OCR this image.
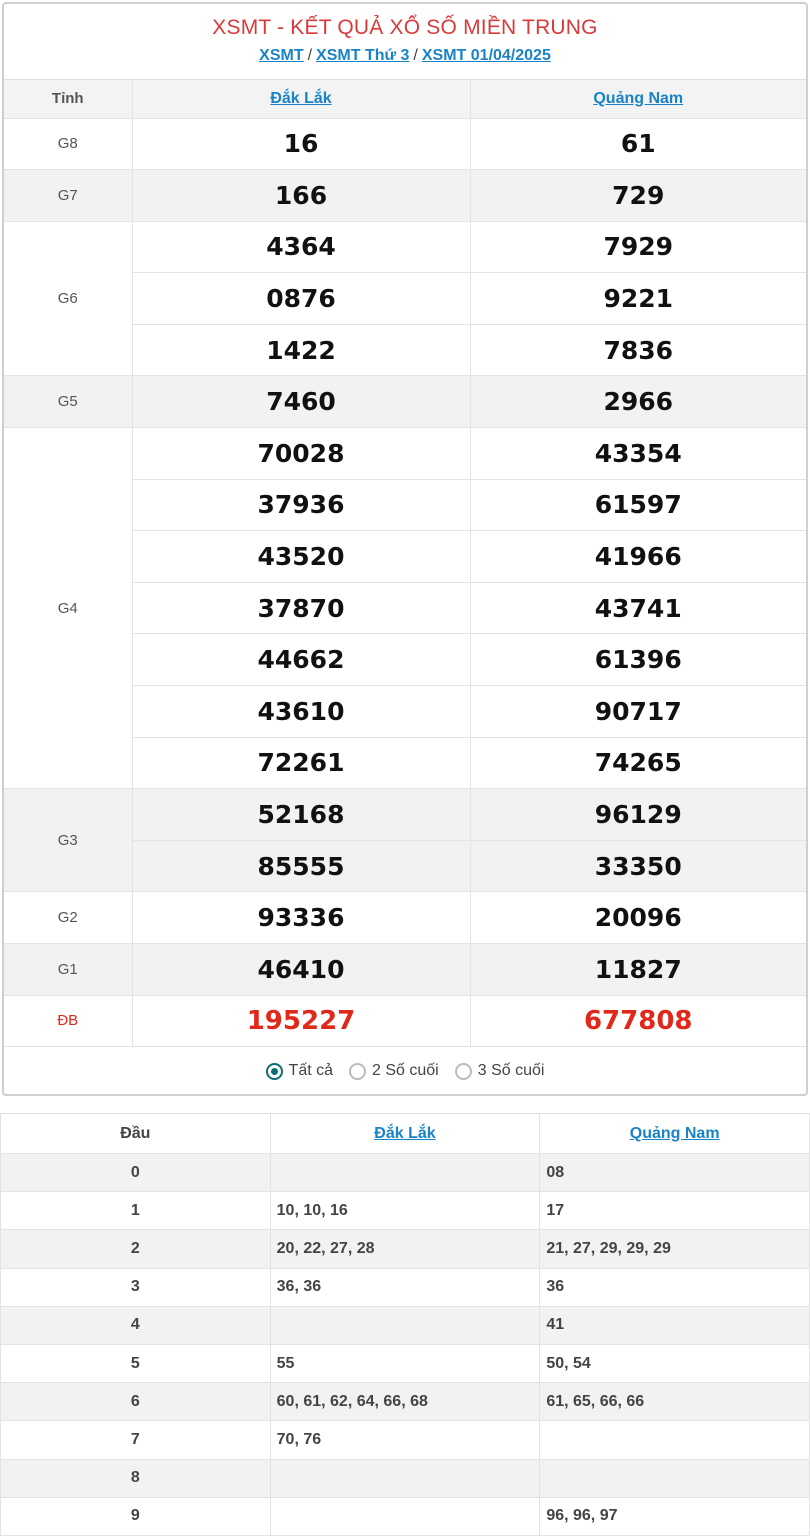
XSMT - KẾT QUẢ XỔ SỐ MIỀN TRUNG
XSMT / XSMT Thứ 3 / XSMT 01/04/2025
Tỉnh	Đắk Lắk	Quảng Nam
G8	16	61
G7	166	729
G6	4364	7929
	0876	9221
	1422	7836
G5	7460	2966
G4	70028	43354
	37936	61597
	43520	41966
	37870	43741
	44662	61396
	43610	90717
	72261	74265
G3	52168	96129
	85555	33350
G2	93336	20096
G1	46410	11827
ĐB	195227	677808
Tất cả 2 Số cuối 3 Số cuối
Đầu	Đắk Lắk	Quảng Nam
0		08
1	10, 10, 16	17
2	20, 22, 27, 28	21, 27, 29, 29, 29
3	36, 36	36
4		41
5	55	50, 54
6	60, 61, 62, 64, 66, 68	61, 65, 66, 66
7	70, 76	
8		
9		96, 96, 97
